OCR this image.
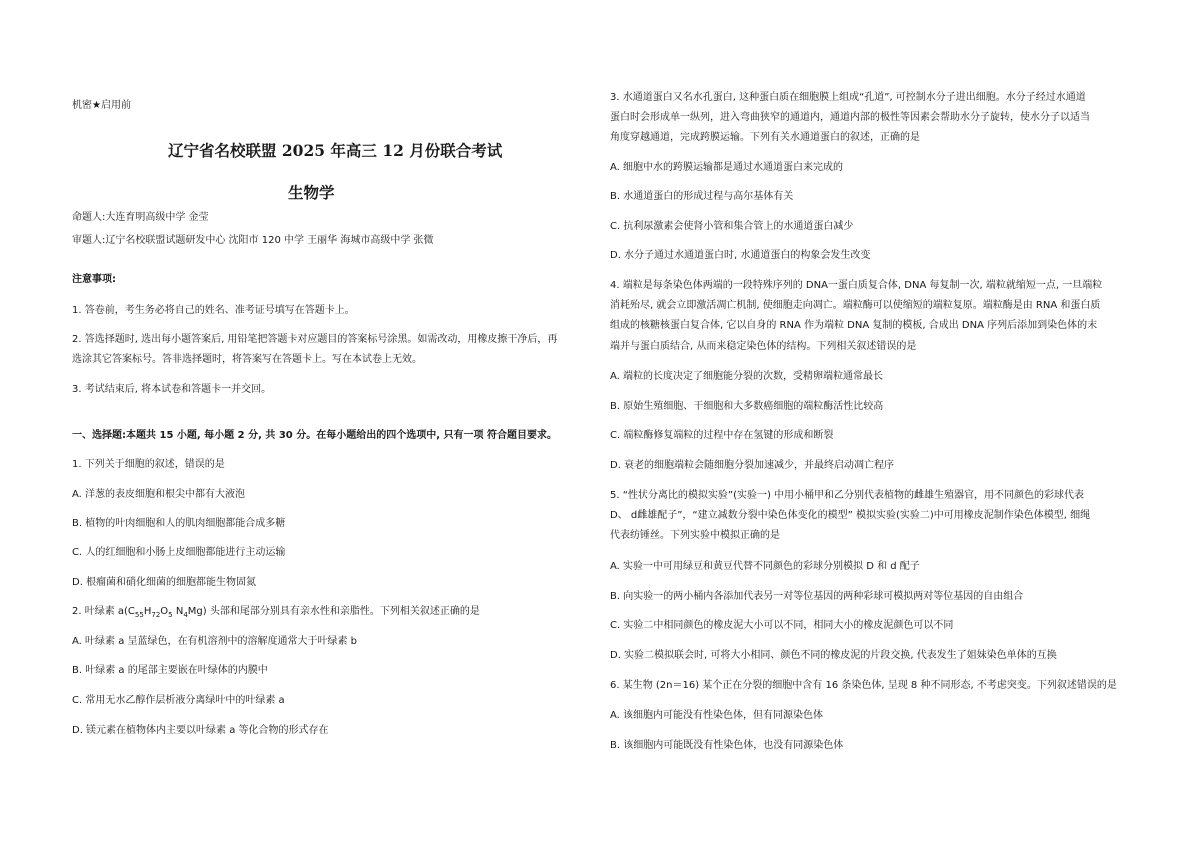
机密★启用前
辽宁省名校联盟 2025 年高三 12 月份联合考试
生物学
命题人:大连育明高级中学 金莹
审题人:辽宁名校联盟试题研发中心 沈阳市 120 中学 王丽华 海城市高级中学 张微
注意事项:
1. 答卷前，考生务必将自己的姓名、准考证号填写在答题卡上。
2. 答选择题时, 选出每小题答案后, 用铅笔把答题卡对应题目的答案标号涂黑。如需改动，用橡皮擦干净后，再
选涂其它答案标号。答非选择题时，将答案写在答题卡上。写在本试卷上无效。
3. 考试结束后, 将本试卷和答题卡一并交回。
一、选择题:本题共 15 小题, 每小题 2 分, 共 30 分。在每小题给出的四个选项中, 只有一项 符合题目要求。
1. 下列关于细胞的叙述，错误的是
A. 洋葱的表皮细胞和根尖中都有大液泡
B. 植物的叶肉细胞和人的肌肉细胞都能合成多糖
C. 人的红细胞和小肠上皮细胞都能进行主动运输
D. 根瘤菌和硝化细菌的细胞都能生物固氮
2. 叶绿素 $a(C_{55}H_{72}O_5$ $N_4Mg$) 头部和尾部分别具有亲水性和亲脂性。下列相关叙述正确的是
A. 叶绿素 a 呈蓝绿色，在有机溶剂中的溶解度通常大于叶绿素 b
B. 叶绿素 a 的尾部主要嵌在叶绿体的内膜中
C. 常用无水乙醇作层析液分离绿叶中的叶绿素 a
D. 镁元素在植物体内主要以叶绿素 a 等化合物的形式存在
3. 水通道蛋白又名水孔蛋白, 这种蛋白质在细胞膜上组成“孔道”, 可控制水分子进出细胞。水分子经过水通道
蛋白时会形成单一纵列，进入弯曲狭窄的通道内，通道内部的极性等因素会帮助水分子旋转，使水分子以适当
角度穿越通道，完成跨膜运输。下列有关水通道蛋白的叙述，正确的是
A. 细胞中水的跨膜运输都是通过水通道蛋白来完成的
B. 水通道蛋白的形成过程与高尔基体有关
C. 抗利尿激素会使肾小管和集合管上的水通道蛋白减少
D. 水分子通过水通道蛋白时, 水通道蛋白的构象会发生改变
4. 端粒是每条染色体两端的一段特殊序列的 DNA一蛋白质复合体, DNA 每复制一次, 端粒就缩短一点, 一旦端粒
消耗殆尽, 就会立即激活凋亡机制, 使细胞走向凋亡。端粒酶可以使缩短的端粒复原。端粒酶是由 RNA 和蛋白质
组成的核糖核蛋白复合体, 它以自身的 RNA 作为端粒 DNA 复制的模板, 合成出 DNA 序列后添加到染色体的末
端并与蛋白质结合, 从而来稳定染色体的结构。下列相关叙述错误的是
A. 端粒的长度决定了细胞能分裂的次数，受精卵端粒通常最长
B. 原始生殖细胞、干细胞和大多数癌细胞的端粒酶活性比较高
C. 端粒酶修复端粒的过程中存在氢键的形成和断裂
D. 衰老的细胞端粒会随细胞分裂加速减少，并最终启动凋亡程序
5. “性状分离比的模拟实验”(实验一) 中用小桶甲和乙分别代表植物的雌雄生殖器官，用不同颜色的彩球代表
D、 d雌雄配子”，“建立减数分裂中染色体变化的模型” 模拟实验(实验二)中可用橡皮泥制作染色体模型, 细绳
代表纺锤丝。下列实验中模拟正确的是
A. 实验一中可用绿豆和黄豆代替不同颜色的彩球分别模拟 D 和 d 配子
B. 向实验一的两小桶内各添加代表另一对等位基因的两种彩球可模拟两对等位基因的自由组合
C. 实验二中相同颜色的橡皮泥大小可以不同，相同大小的橡皮泥颜色可以不同
D. 实验二模拟联会时, 可将大小相同、颜色不同的橡皮泥的片段交换, 代表发生了姐妹染色单体的互换
6. 某生物 (2n＝16) 某个正在分裂的细胞中含有 16 条染色体, 呈现 8 种不同形态, 不考虑突变。下列叙述错误的是
A. 该细胞内可能没有性染色体，但有同源染色体
B. 该细胞内可能既没有性染色体，也没有同源染色体
